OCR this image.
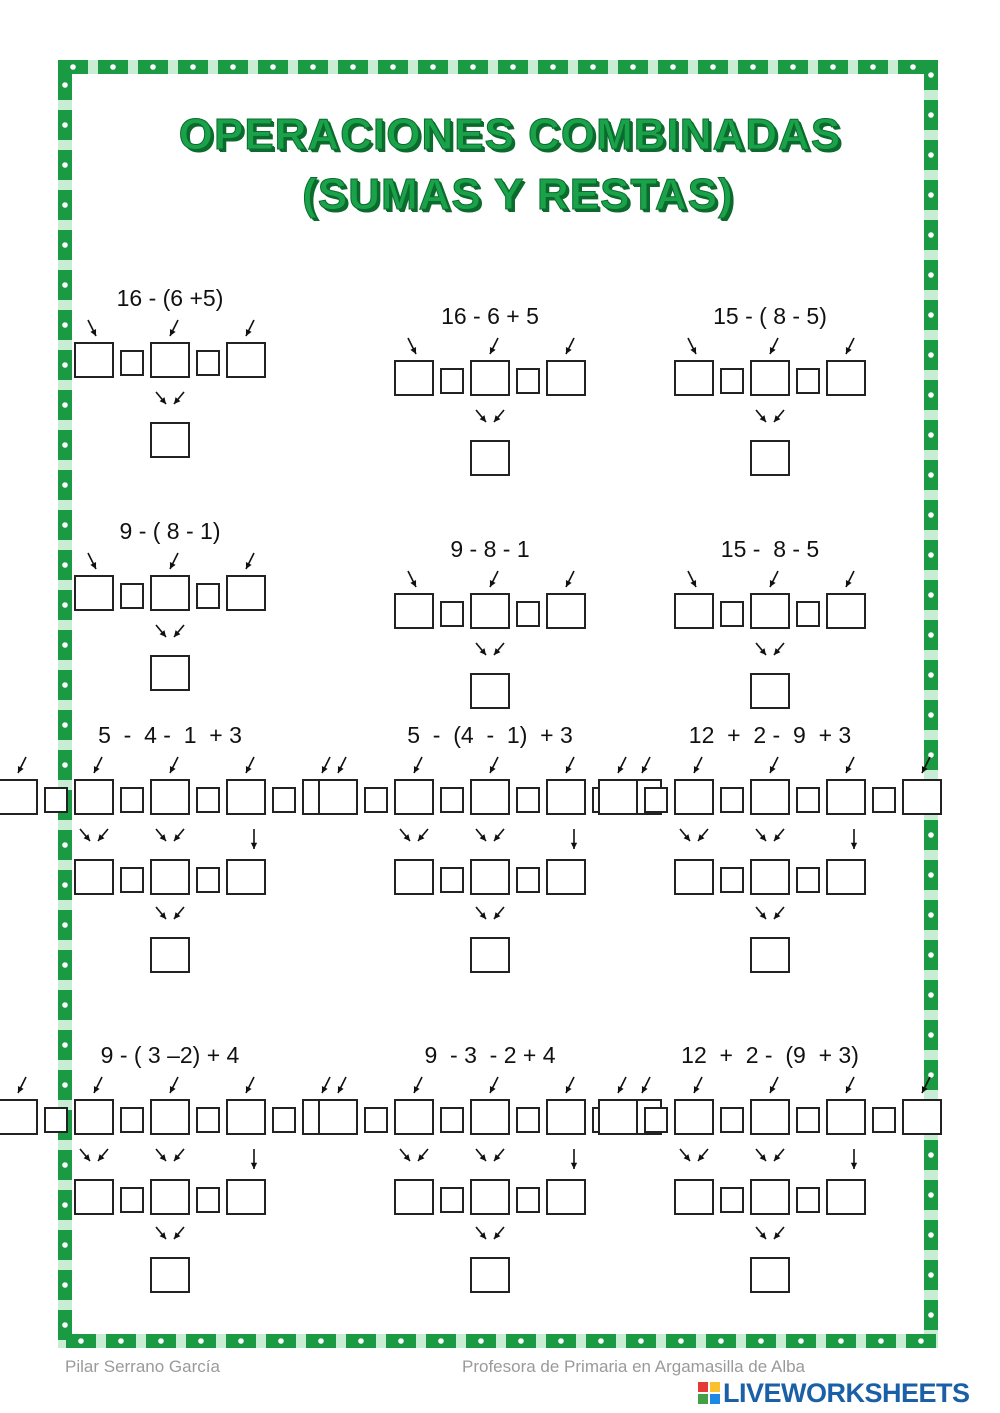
OPERACIONES COMBINADAS
(SUMAS Y RESTAS)
16 - (6 +5)
16 - 6 + 5	15 - ( 8 - 5)
9 - ( 8 - 1)
9 - 8 - 1	15 -  8 - 5
5  -  4 -  1  + 3	5  -  (4  -  1)  + 3	12  +  2 -  9  + 3
9 - ( 3 –2) + 4	9  - 3  - 2 + 4	12  +  2 -  (9  + 3)
Pilar Serrano García	Profesora de Primaria en Argamasilla de Alba
LIVEWORKSHEETS
